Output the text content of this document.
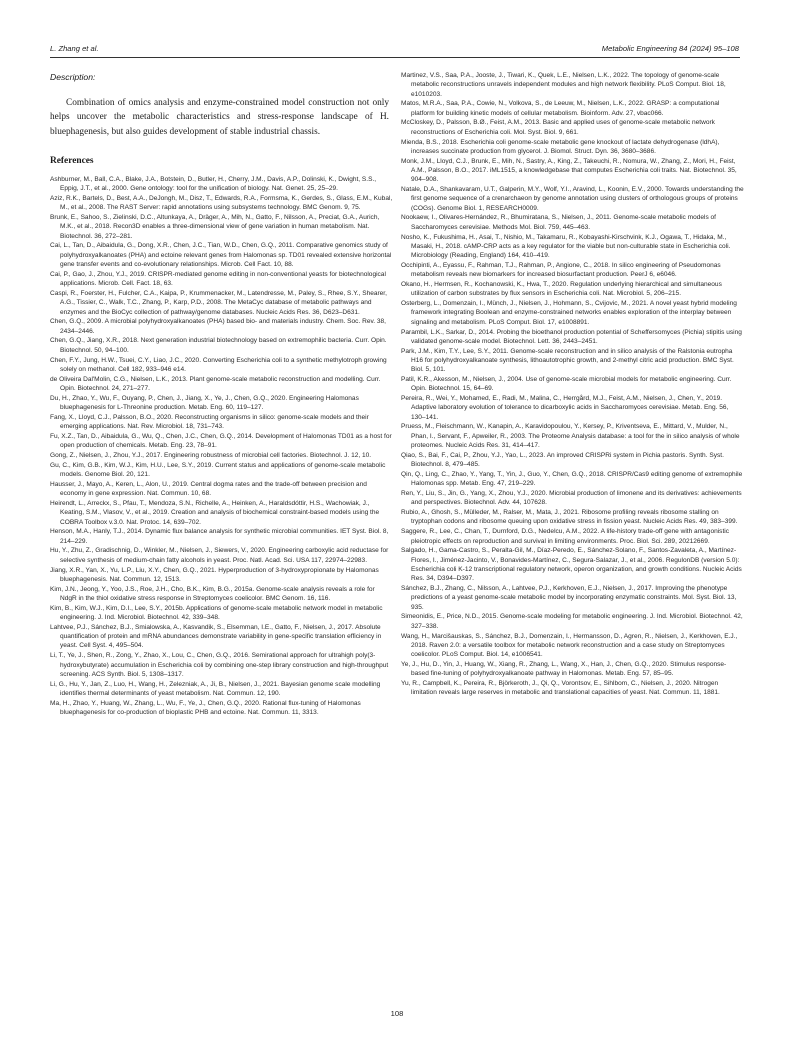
L. Zhang et al.	Metabolic Engineering 84 (2024) 95–108
Description:

Combination of omics analysis and enzyme-constrained model construction not only helps uncover the metabolic characteristics and stress-response landscape of H. bluephagenesis, but also guides development of stable industrial chassis.

References
Ashburner, M., Ball, C.A., Blake, J.A., Botstein, D., Butler, H., Cherry, J.M., Davis, A.P., Dolinski, K., Dwight, S.S., Eppig, J.T., et al., 2000. Gene ontology: tool for the unification of biology. Nat. Genet. 25, 25–29.
Aziz, R.K., Bartels, D., Best, A.A., DeJongh, M., Disz, T., Edwards, R.A., Formsma, K., Gerdes, S., Glass, E.M., Kubal, M., et al., 2008. The RAST Server: rapid annotations using subsystems technology. BMC Genom. 9, 75.
Brunk, E., Sahoo, S., Zielinski, D.C., Altunkaya, A., Dräger, A., Mih, N., Gatto, F., Nilsson, A., Preciat, G.A., Aurich, M.K., et al., 2018. Recon3D enables a three-dimensional view of gene variation in human metabolism. Nat. Biotechnol. 36, 272–281.
Cai, L., Tan, D., Aibaidula, G., Dong, X.R., Chen, J.C., Tian, W.D., Chen, G.Q., 2011. Comparative genomics study of polyhydroxyalkanoates (PHA) and ectoine relevant genes from Halomonas sp. TD01 revealed extensive horizontal gene transfer events and co-evolutionary relationships. Microb. Cell Fact. 10, 88.
Cai, P., Gao, J., Zhou, Y.J., 2019. CRISPR-mediated genome editing in non-conventional yeasts for biotechnological applications. Microb. Cell. Fact. 18, 63.
Caspi, R., Foerster, H., Fulcher, C.A., Kaipa, P., Krummenacker, M., Latendresse, M., Paley, S., Rhee, S.Y., Shearer, A.G., Tissier, C., Walk, T.C., Zhang, P., Karp, P.D., 2008. The MetaCyc database of metabolic pathways and enzymes and the BioCyc collection of pathway/genome databases. Nucleic Acids Res. 36, D623–D631.
Chen, G.Q., 2009. A microbial polyhydroxyalkanoates (PHA) based bio- and materials industry. Chem. Soc. Rev. 38, 2434–2446.
Chen, G.Q., Jiang, X.R., 2018. Next generation industrial biotechnology based on extremophilic bacteria. Curr. Opin. Biotechnol. 50, 94–100.
Chen, F.Y., Jung, H.W., Tsuei, C.Y., Liao, J.C., 2020. Converting Escherichia coli to a synthetic methylotroph growing solely on methanol. Cell 182, 933–946 e14.
de Oliveira Dal'Molin, C.G., Nielsen, L.K., 2013. Plant genome-scale metabolic reconstruction and modelling. Curr. Opin. Biotechnol. 24, 271–277.
Du, H., Zhao, Y., Wu, F., Ouyang, P., Chen, J., Jiang, X., Ye, J., Chen, G.Q., 2020. Engineering Halomonas bluephagenesis for L-Threonine production. Metab. Eng. 60, 119–127.
Fang, X., Lloyd, C.J., Palsson, B.O., 2020. Reconstructing organisms in silico: genome-scale models and their emerging applications. Nat. Rev. Microbiol. 18, 731–743.
Fu, X.Z., Tan, D., Aibaidula, G., Wu, Q., Chen, J.C., Chen, G.Q., 2014. Development of Halomonas TD01 as a host for open production of chemicals. Metab. Eng. 23, 78–91.
Gong, Z., Nielsen, J., Zhou, Y.J., 2017. Engineering robustness of microbial cell factories. Biotechnol. J. 12, 10.
Gu, C., Kim, G.B., Kim, W.J., Kim, H.U., Lee, S.Y., 2019. Current status and applications of genome-scale metabolic models. Genome Biol. 20, 121.
Hausser, J., Mayo, A., Keren, L., Alon, U., 2019. Central dogma rates and the trade-off between precision and economy in gene expression. Nat. Commun. 10, 68.
Heirendt, L., Arreckx, S., Pfau, T., Mendoza, S.N., Richelle, A., Heinken, A., Haraldsdóttir, H.S., Wachowiak, J., Keating, S.M., Vlasov, V., et al., 2019. Creation and analysis of biochemical constraint-based models using the COBRA Toolbox v.3.0. Nat. Protoc. 14, 639–702.
Henson, M.A., Hanly, T.J., 2014. Dynamic flux balance analysis for synthetic microbial communities. IET Syst. Biol. 8, 214–229.
Hu, Y., Zhu, Z., Gradischnig, D., Winkler, M., Nielsen, J., Siewers, V., 2020. Engineering carboxylic acid reductase for selective synthesis of medium-chain fatty alcohols in yeast. Proc. Natl. Acad. Sci. USA 117, 22974–22983.
Jiang, X.R., Yan, X., Yu, L.P., Liu, X.Y., Chen, G.Q., 2021. Hyperproduction of 3-hydroxypropionate by Halomonas bluephagenesis. Nat. Commun. 12, 1513.
Kim, J.N., Jeong, Y., Yoo, J.S., Roe, J.H., Cho, B.K., Kim, B.G., 2015a. Genome-scale analysis reveals a role for NdgR in the thiol oxidative stress response in Streptomyces coelicolor. BMC Genom. 16, 116.
Kim, B., Kim, W.J., Kim, D.I., Lee, S.Y., 2015b. Applications of genome-scale metabolic network model in metabolic engineering. J. Ind. Microbiol. Biotechnol. 42, 339–348.
Lahtvee, P.J., Sánchez, B.J., Smialowska, A., Kasvandik, S., Elsemman, I.E., Gatto, F., Nielsen, J., 2017. Absolute quantification of protein and mRNA abundances demonstrate variability in gene-specific translation efficiency in yeast. Cell Syst. 4, 495–504.
Li, T., Ye, J., Shen, R., Zong, Y., Zhao, X., Lou, C., Chen, G.Q., 2016. Semirational approach for ultrahigh poly(3-hydroxybutyrate) accumulation in Escherichia coli by combining one-step library construction and high-throughput screening. ACS Synth. Biol. 5, 1308–1317.
Li, G., Hu, Y., Jan, Z., Luo, H., Wang, H., Zelezniak, A., Ji, B., Nielsen, J., 2021. Bayesian genome scale modelling identifies thermal determinants of yeast metabolism. Nat. Commun. 12, 190.
Ma, H., Zhao, Y., Huang, W., Zhang, L., Wu, F., Ye, J., Chen, G.Q., 2020. Rational flux-tuning of Halomonas bluephagenesis for co-production of bioplastic PHB and ectoine. Nat. Commun. 11, 3313.
Martinez, V.S., Saa, P.A., Jooste, J., Tiwari, K., Quek, L.E., Nielsen, L.K., 2022. The topology of genome-scale metabolic reconstructions unravels independent modules and high network flexibility. PLoS Comput. Biol. 18, e1010203.
Matos, M.R.A., Saa, P.A., Cowie, N., Volkova, S., de Leeuw, M., Nielsen, L.K., 2022. GRASP: a computational platform for building kinetic models of cellular metabolism. Bioinform. Adv. 27, vbac066.
McCloskey, D., Palsson, B.Ø., Feist, A.M., 2013. Basic and applied uses of genome-scale metabolic network reconstructions of Escherichia coli. Mol. Syst. Biol. 9, 661.
Mienda, B.S., 2018. Escherichia coli genome-scale metabolic gene knockout of lactate dehydrogenase (ldhA), increases succinate production from glycerol. J. Biomol. Struct. Dyn. 36, 3680–3686.
Monk, J.M., Lloyd, C.J., Brunk, E., Mih, N., Sastry, A., King, Z., Takeuchi, R., Nomura, W., Zhang, Z., Mori, H., Feist, A.M., Palsson, B.O., 2017. iML1515, a knowledgebase that computes Escherichia coli traits. Nat. Biotechnol. 35, 904–908.
Natale, D.A., Shankavaram, U.T., Galperin, M.Y., Wolf, Y.I., Aravind, L., Koonin, E.V., 2000. Towards understanding the first genome sequence of a crenarchaeon by genome annotation using clusters of orthologous groups of proteins (COGs). Genome Biol. 1, RESEARCH0009.
Nookaew, I., Olivares-Hernández, R., Bhumiratana, S., Nielsen, J., 2011. Genome-scale metabolic models of Saccharomyces cerevisiae. Methods Mol. Biol. 759, 445–463.
Nosho, K., Fukushima, H., Asai, T., Nishio, M., Takamaru, R., Kobayashi-Kirschvink, K.J., Ogawa, T., Hidaka, M., Masaki, H., 2018. cAMP-CRP acts as a key regulator for the viable but non-culturable state in Escherichia coli. Microbiology (Reading, England) 164, 410–419.
Occhipinti, A., Eyassu, F., Rahman, T.J., Rahman, P., Angione, C., 2018. In silico engineering of Pseudomonas metabolism reveals new biomarkers for increased biosurfactant production. PeerJ 6, e6046.
Okano, H., Hermsen, R., Kochanowski, K., Hwa, T., 2020. Regulation underlying hierarchical and simultaneous utilization of carbon substrates by flux sensors in Escherichia coli. Nat. Microbiol. 5, 206–215.
Osterberg, L., Domenzain, I., Münch, J., Nielsen, J., Hohmann, S., Cvijovic, M., 2021. A novel yeast hybrid modeling framework integrating Boolean and enzyme-constrained networks enables exploration of the interplay between signaling and metabolism. PLoS Comput. Biol. 17, e1008891.
Parambil, L.K., Sarkar, D., 2014. Probing the bioethanol production potential of Scheffersomyces (Pichia) stipitis using validated genome-scale model. Biotechnol. Lett. 36, 2443–2451.
Park, J.M., Kim, T.Y., Lee, S.Y., 2011. Genome-scale reconstruction and in silico analysis of the Ralstonia eutropha H16 for polyhydroxyalkanoate synthesis, lithoautotrophic growth, and 2-methyl citric acid production. BMC Syst. Biol. 5, 101.
Patil, K.R., Akesson, M., Nielsen, J., 2004. Use of genome-scale microbial models for metabolic engineering. Curr. Opin. Biotechnol. 15, 64–69.
Pereira, R., Wei, Y., Mohamed, E., Radi, M., Malina, C., Herrgård, M.J., Feist, A.M., Nielsen, J., Chen, Y., 2019. Adaptive laboratory evolution of tolerance to dicarboxylic acids in Saccharomyces cerevisiae. Metab. Eng. 56, 130–141.
Pruess, M., Fleischmann, W., Kanapin, A., Karavidopoulou, Y., Kersey, P., Kriventseva, E., Mittard, V., Mulder, N., Phan, I., Servant, F., Apweiler, R., 2003. The Proteome Analysis database: a tool for the in silico analysis of whole proteomes. Nucleic Acids Res. 31, 414–417.
Qiao, S., Bai, F., Cai, P., Zhou, Y.J., Yao, L., 2023. An improved CRISPRi system in Pichia pastoris. Synth. Syst. Biotechnol. 8, 479–485.
Qin, Q., Ling, C., Zhao, Y., Yang, T., Yin, J., Guo, Y., Chen, G.Q., 2018. CRISPR/Cas9 editing genome of extremophile Halomonas spp. Metab. Eng. 47, 219–229.
Ren, Y., Liu, S., Jin, G., Yang, X., Zhou, Y.J., 2020. Microbial production of limonene and its derivatives: achievements and perspectives. Biotechnol. Adv. 44, 107628.
Rubio, A., Ghosh, S., Mülleder, M., Ralser, M., Mata, J., 2021. Ribosome profiling reveals ribosome stalling on tryptophan codons and ribosome queuing upon oxidative stress in fission yeast. Nucleic Acids Res. 49, 383–399.
Saggere, R., Lee, C., Chan, T., Durnford, D.G., Nedelcu, A.M., 2022. A life-history trade-off gene with antagonistic pleiotropic effects on reproduction and survival in limiting environments. Proc. Biol. Sci. 289, 20212669.
Salgado, H., Gama-Castro, S., Peralta-Gil, M., Díaz-Peredo, E., Sánchez-Solano, F., Santos-Zavaleta, A., Martínez-Flores, I., Jiménez-Jacinto, V., Bonavides-Martínez, C., Segura-Salazar, J., et al., 2006. RegulonDB (version 5.0): Escherichia coli K-12 transcriptional regulatory network, operon organization, and growth conditions. Nucleic Acids Res. 34, D394–D397.
Sánchez, B.J., Zhang, C., Nilsson, A., Lahtvee, P.J., Kerkhoven, E.J., Nielsen, J., 2017. Improving the phenotype predictions of a yeast genome-scale metabolic model by incorporating enzymatic constraints. Mol. Syst. Biol. 13, 935.
Simeonidis, E., Price, N.D., 2015. Genome-scale modeling for metabolic engineering. J. Ind. Microbiol. Biotechnol. 42, 327–338.
Wang, H., Marcišauskas, S., Sánchez, B.J., Domenzain, I., Hermansson, D., Agren, R., Nielsen, J., Kerkhoven, E.J., 2018. Raven 2.0: a versatile toolbox for metabolic network reconstruction and a case study on Streptomyces coelicolor. PLoS Comput. Biol. 14, e1006541.
Ye, J., Hu, D., Yin, J., Huang, W., Xiang, R., Zhang, L., Wang, X., Han, J., Chen, G.Q., 2020. Stimulus response-based fine-tuning of polyhydroxyalkanoate pathway in Halomonas. Metab. Eng. 57, 85–95.
Yu, R., Campbell, K., Pereira, R., Björkeroth, J., Qi, Q., Vorontsov, E., Sihlbom, C., Nielsen, J., 2020. Nitrogen limitation reveals large reserves in metabolic and translational capacities of yeast. Nat. Commun. 11, 1881.
108
